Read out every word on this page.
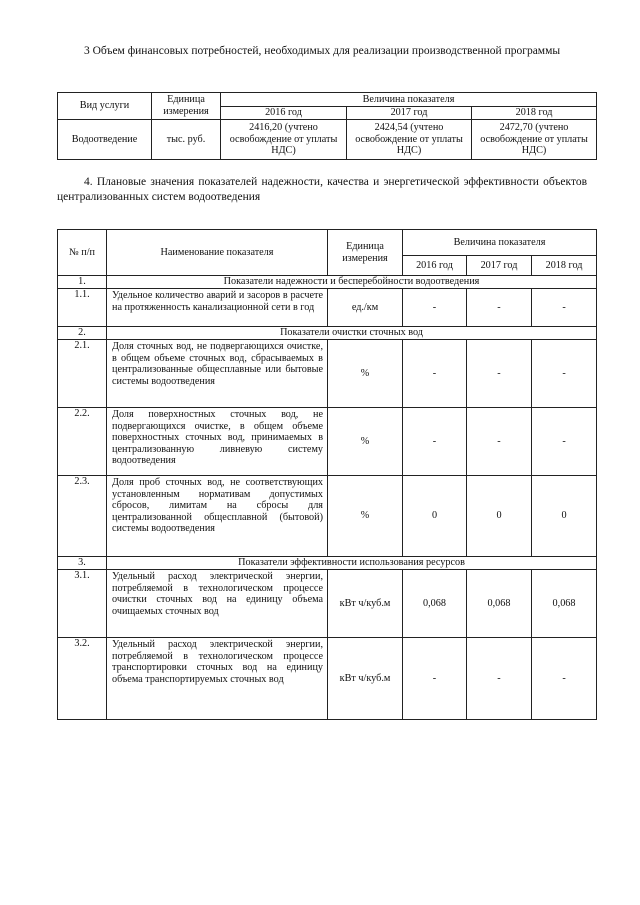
3 Объем финансовых потребностей, необходимых для реализации производственной программы
Вид услуги	Единица измерения	Величина показателя		
		2016 год	2017 год	2018 год
Водоотведение	тыс. руб.	2416,20 (учтено освобождение от уплаты НДС)	2424,54 (учтено освобождение от уплаты НДС)	2472,70 (учтено освобождение от уплаты НДС)
4. Плановые значения показателей надежности, качества и энергетической эффективности объектов централизованных систем водоотведения
№ п/п	Наименование показателя	Единица измерения	Величина показателя		
			2016 год	2017 год	2018 год
1.	Показатели надежности и бесперебойности водоотведения				
1.1.	Удельное количество аварий и засоров в расчете на протяженность канализационной сети в год	ед./км	-	-	-
2.	Показатели очистки сточных вод				
2.1.	Доля сточных вод, не подвергающихся очистке, в общем объеме сточных вод, сбрасываемых в централизованные общесплавные или бытовые системы водоотведения	%	-	-	-
2.2.	Доля поверхностных сточных вод, не подвергающихся очистке, в общем объеме поверхностных сточных вод, принимаемых в централизованную ливневую систему водоотведения	%	-	-	-
2.3.	Доля проб сточных вод, не соответствующих установленным нормативам допустимых сбросов, лимитам на сбросы для централизованной общесплавной (бытовой) системы водоотведения	%	0	0	0
3.	Показатели эффективности использования ресурсов				
3.1.	Удельный расход электрической энергии, потребляемой в технологическом процессе очистки сточных вод на единицу объема очищаемых сточных вод	кВт ч/куб.м	0,068	0,068	0,068
3.2.	Удельный расход электрической энергии, потребляемой в технологическом процессе транспортировки сточных вод на единицу объема транспортируемых сточных вод	кВт ч/куб.м	-	-	-
